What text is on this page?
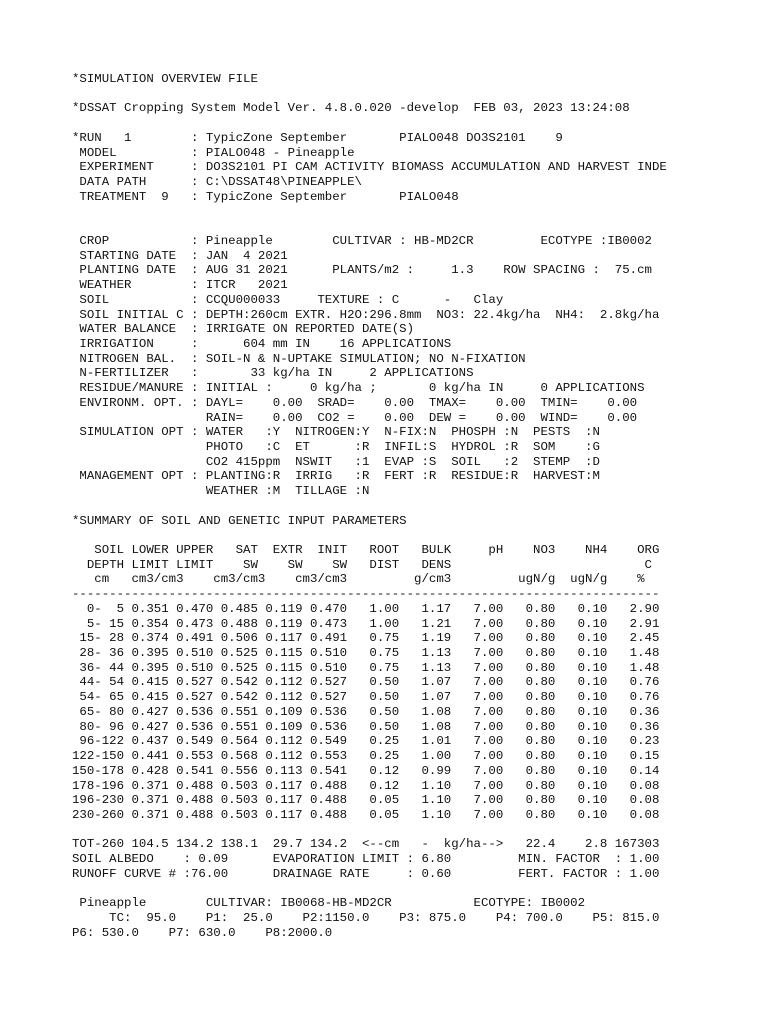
*SIMULATION OVERVIEW FILE
*DSSAT Cropping System Model Ver. 4.8.0.020 -develop  FEB 03, 2023 13:24:08
*RUN   1        : TypicZone September       PIALO048 DO3S2101    9
MODEL          : PIALO048 - Pineapple
EXPERIMENT     : DO3S2101 PI CAM ACTIVITY BIOMASS ACCUMULATION AND HARVEST INDE
DATA PATH      : C:\DSSAT48\PINEAPPLE\
TREATMENT  9   : TypicZone September       PIALO048
CROP           : Pineapple        CULTIVAR : HB-MD2CR         ECOTYPE :IB0002
STARTING DATE  : JAN  4 2021
PLANTING DATE  : AUG 31 2021      PLANTS/m2 :     1.3    ROW SPACING :  75.cm
WEATHER        : ITCR   2021
SOIL           : CCQU000033     TEXTURE : C      -   Clay
SOIL INITIAL C : DEPTH:260cm EXTR. H2O:296.8mm  NO3: 22.4kg/ha  NH4:  2.8kg/ha
WATER BALANCE  : IRRIGATE ON REPORTED DATE(S)
IRRIGATION     :      604 mm IN    16 APPLICATIONS
NITROGEN BAL.  : SOIL-N & N-UPTAKE SIMULATION; NO N-FIXATION
N-FERTILIZER   :       33 kg/ha IN     2 APPLICATIONS
RESIDUE/MANURE : INITIAL :     0 kg/ha ;       0 kg/ha IN     0 APPLICATIONS
ENVIRONM. OPT. : DAYL=    0.00  SRAD=    0.00  TMAX=    0.00  TMIN=    0.00
RAIN=    0.00  CO2 =    0.00  DEW =    0.00  WIND=    0.00
SIMULATION OPT : WATER   :Y  NITROGEN:Y  N-FIX:N  PHOSPH :N  PESTS  :N
PHOTO   :C  ET      :R  INFIL:S  HYDROL :R  SOM    :G
CO2 415ppm  NSWIT   :1  EVAP :S  SOIL   :2  STEMP  :D
MANAGEMENT OPT : PLANTING:R  IRRIG   :R  FERT :R  RESIDUE:R  HARVEST:M
WEATHER :M  TILLAGE :N
*SUMMARY OF SOIL AND GENETIC INPUT PARAMETERS
SOIL LOWER UPPER   SAT  EXTR  INIT   ROOT   BULK     pH    NO3    NH4    ORG
DEPTH LIMIT LIMIT    SW    SW    SW   DIST   DENS                          C
cm   cm3/cm3    cm3/cm3    cm3/cm3         g/cm3         ugN/g  ugN/g    %
-------------------------------------------------------------------------------
0-  5 0.351 0.470 0.485 0.119 0.470   1.00   1.17   7.00   0.80   0.10   2.90
5- 15 0.354 0.473 0.488 0.119 0.473   1.00   1.21   7.00   0.80   0.10   2.91
15- 28 0.374 0.491 0.506 0.117 0.491   0.75   1.19   7.00   0.80   0.10   2.45
28- 36 0.395 0.510 0.525 0.115 0.510   0.75   1.13   7.00   0.80   0.10   1.48
36- 44 0.395 0.510 0.525 0.115 0.510   0.75   1.13   7.00   0.80   0.10   1.48
44- 54 0.415 0.527 0.542 0.112 0.527   0.50   1.07   7.00   0.80   0.10   0.76
54- 65 0.415 0.527 0.542 0.112 0.527   0.50   1.07   7.00   0.80   0.10   0.76
65- 80 0.427 0.536 0.551 0.109 0.536   0.50   1.08   7.00   0.80   0.10   0.36
80- 96 0.427 0.536 0.551 0.109 0.536   0.50   1.08   7.00   0.80   0.10   0.36
96-122 0.437 0.549 0.564 0.112 0.549   0.25   1.01   7.00   0.80   0.10   0.23
122-150 0.441 0.553 0.568 0.112 0.553   0.25   1.00   7.00   0.80   0.10   0.15
150-178 0.428 0.541 0.556 0.113 0.541   0.12   0.99   7.00   0.80   0.10   0.14
178-196 0.371 0.488 0.503 0.117 0.488   0.12   1.10   7.00   0.80   0.10   0.08
196-230 0.371 0.488 0.503 0.117 0.488   0.05   1.10   7.00   0.80   0.10   0.08
230-260 0.371 0.488 0.503 0.117 0.488   0.05   1.10   7.00   0.80   0.10   0.08
TOT-260 104.5 134.2 138.1  29.7 134.2  <--cm   -  kg/ha-->   22.4    2.8 167303
SOIL ALBEDO    : 0.09      EVAPORATION LIMIT : 6.80         MIN. FACTOR  : 1.00
RUNOFF CURVE # :76.00      DRAINAGE RATE     : 0.60         FERT. FACTOR : 1.00
Pineapple        CULTIVAR: IB0068-HB-MD2CR           ECOTYPE: IB0002
TC:  95.0    P1:  25.0    P2:1150.0    P3: 875.0    P4: 700.0    P5: 815.0
P6: 530.0    P7: 630.0    P8:2000.0
